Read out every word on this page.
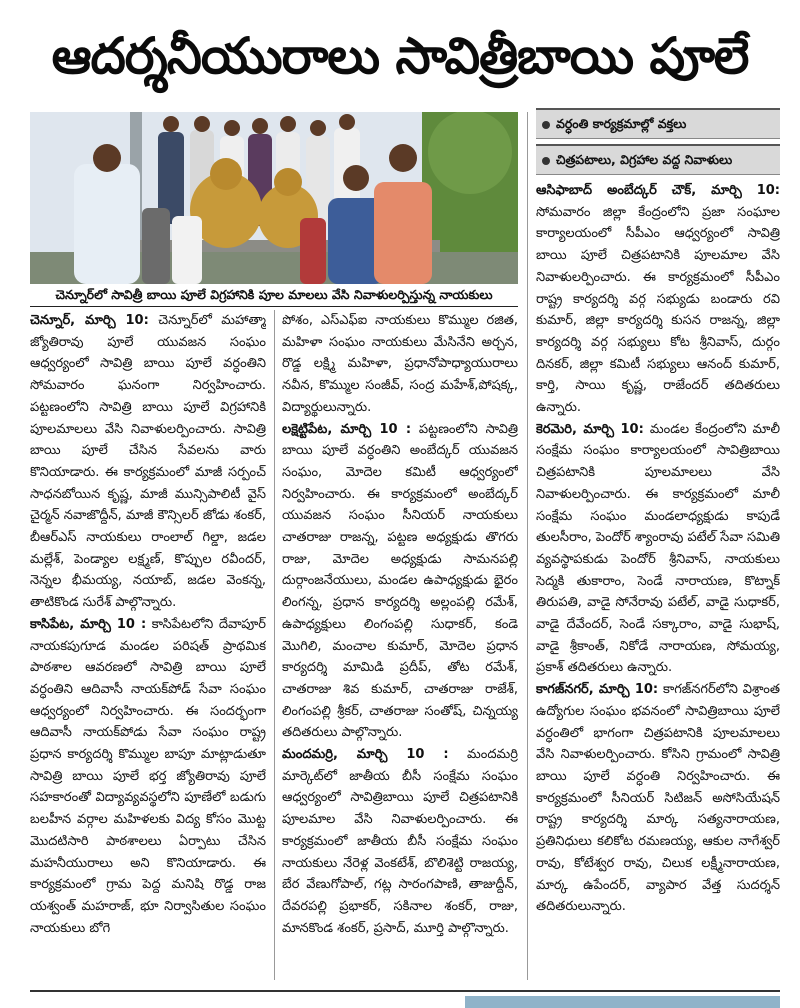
ఆదర్శనీయురాలు సావిత్రీబాయి పూలే
చెన్నూర్‌లో సావిత్రీ బాయి పూలే విగ్రహానికి పూల మాలలు వేసి నివాళులర్పిస్తున్న నాయకులు
వర్ధంతి కార్యక్రమాల్లో వక్తలు
చిత్రపటాలు, విగ్రహాల వద్ద నివాళులు

చెన్నూర్, మార్చి 10: చెన్నూర్‌లో మహాత్మా జ్యోతిరావు పూలే యువజన సంఘం ఆధ్వర్యంలో సావిత్రి బాయి పూలే వర్ధంతిని సోమవారం ఘనంగా నిర్వహించారు. పట్టణంలోని సావిత్రి బాయి పూలే విగ్రహానికి పూలమాలలు వేసి నివాళులర్పించారు. సావిత్రి బాయి పూలే చేసిన సేవలను వారు కొనియాడారు. ఈ కార్యక్రమంలో మాజీ సర్పంచ్ సాధనబోయిన కృష్ణ, మాజీ మున్సిపాలిటీ వైస్ చైర్మన్ నవాజొద్దీన్, మాజీ కౌన్సిలర్ జోడు శంకర్, బీఆర్ఎస్ నాయకులు రాంలాల్ గిల్డా, జడల మల్లేశ్, పెండ్యాల లక్ష్మణ్, కొప్పుల రవీందర్, నెన్నల భీమయ్య, నయాబ్, జడల వెంకన్న, తాటికొండ సురేశ్ పాల్గొన్నారు.

కాసిపేట, మార్చి 10 : కాసిపేటలోని దేవాపూర్ నాయకపుగూడ మండల పరిషత్ ప్రాథమిక పాఠశాల ఆవరణలో సావిత్రి బాయి పూలే వర్ధంతిని ఆదివాసీ నాయక్‌పోడ్ సేవా సంఘం ఆధ్వర్యంలో నిర్వహించారు. ఈ సందర్భంగా ఆదివాసీ నాయక్‌పోడు సేవా సంఘం రాష్ట్ర ప్రధాన కార్యదర్శి కొమ్ముల బాపూ మాట్లాడుతూ సావిత్రి బాయి పూలే భర్త జ్యోతిరావు పూలే సహకారంతో విద్యావ్యవస్థలోని పూణేలో బడుగు బలహీన వర్గాల మహిళలకు విద్య కోసం మొట్ట మొదటిసారి పాఠశాలలు ఏర్పాటు చేసిన మహనీయురాలు అని కొనియాడారు. ఈ కార్యక్రమంలో గ్రామ పెద్ద మనిషి రొడ్డ రాజ యశ్వంత్ మహరాజ్, భూ నిర్వాసితుల సంఘం నాయకులు బోగె

పోశం, ఎస్ఎఫ్ఐ నాయకులు కొమ్ముల రజిత, మహిళా సంఘం నాయకులు మేసినేని అర్చన, రొడ్డ లక్ష్మి మహిళా, ప్రధానోపాధ్యాయురాలు నవీన, కొమ్ముల సంజీవ్, సంద్ర మహేశ్,పోషక్క, విద్యార్థులున్నారు.

లక్షెట్టిపేట, మార్చి 10 : పట్టణంలోని సావిత్రి బాయి పూలే వర్ధంతిని అంబేద్కర్ యువజన సంఘం, మోదెల కమిటీ ఆధ్వర్యంలో నిర్వహించారు. ఈ కార్యక్రమంలో అంబేద్కర్ యువజన సంఘం సీనియర్ నాయకులు చాతరాజు రాజన్న, పట్టణ అధ్యక్షుడు తొగరు రాజు, మోదెల అధ్యక్షుడు సామనపల్లి దుర్గాంజనేయులు, మండల ఉపాధ్యక్షుడు భైరం లింగన్న, ప్రధాన కార్యదర్శి అల్లంపల్లి రమేశ్, ఉపాధ్యక్షులు లింగంపల్లి సుధాకర్, కండె మొగిలి, మంచాల కుమార్, మోదెల ప్రధాన కార్యదర్శి మామిడి ప్రదీప్, తోట రమేశ్, చాతరాజు శివ కుమార్, చాతరాజు రాజేశ్, లింగంపల్లి శ్రీకర్, చాతరాజు సంతోష్, చిన్నయ్య తదితరులు పాల్గొన్నారు.

మందమర్రి, మార్చి 10 : మందమర్రి మార్కెట్‌లో జాతీయ బీసీ సంక్షేమ సంఘం ఆధ్వర్యంలో సావిత్రిబాయి పూలే చిత్రపటానికి పూలమాల వేసి నివాళులర్పించారు. ఈ కార్యక్రమంలో జాతీయ బీసీ సంక్షేమ సంఘం నాయకులు నేరెళ్ల వెంకటేశ్, బొలిశెట్టి రాజయ్య, బేర వేణుగోపాల్, గట్ల సారంగపాణి, తాజుద్దీన్, దేవరపల్లి ప్రభాకర్, సకినాల శంకర్, రాజు, మానకొండ శంకర్, ప్రసాద్, మూర్తి పాల్గొన్నారు.

ఆసిఫాబాద్ అంబేద్కర్ చౌక్, మార్చి 10: సోమవారం జిల్లా కేంద్రంలోని ప్రజా సంఘాల కార్యాలయంలో సీపీఎం ఆధ్వర్యంలో సావిత్రి బాయి పూలే చిత్రపటానికి పూలమాల వేసి నివాళులర్పించారు. ఈ కార్యక్రమంలో సీపీఎం రాష్ట్ర కార్యదర్శి వర్గ సభ్యుడు బండారు రవి కుమార్, జిల్లా కార్యదర్శి కుసన రాజన్న, జిల్లా కార్యదర్శి వర్గ సభ్యులు కోట శ్రీనివాస్, దుర్గం దినకర్, జిల్లా కమిటీ సభ్యులు ఆనంద్ కుమార్, కార్తి, సాయి కృష్ణ, రాజేందర్ తదితరులు ఉన్నారు.

కెరమెరి, మార్చి 10: మండల కేంద్రంలోని మాలీ సంక్షేమ సంఘం కార్యాలయంలో సావిత్రిబాయి చిత్రపటానికి పూలమాలలు వేసి నివాళులర్పించారు. ఈ కార్యక్రమంలో మాలీ సంక్షేమ సంఘం మండలాధ్యక్షుడు కాపుడే తులసీరాం, పెందోర్ శ్యాంరావు పటేల్ సేవా సమితి వ్యవస్థాపకుడు పెందోర్ శ్రీనివాస్, నాయకులు సెద్మకి తుకారాం, సెండే నారాయణ, కొట్నాక్ తిరుపతి, వాడై సోనేరావు పటేల్, వాడై సుధాకర్, వాడై దేవేందర్, సెండే సక్కారాం, వాడై సుభాష్, వాడై శ్రీకాంత్, నికోడే నారాయణ, సోమయ్య, ప్రకాశ్ తదితరులు ఉన్నారు.

కాగజ్‌నగర్, మార్చి 10: కాగజ్‌నగర్‌లోని విశ్రాంత ఉద్యోగుల సంఘం భవనంలో సావిత్రిబాయి పూలే వర్ధంతిలో భాగంగా చిత్రపటానికి పూలమాలలు వేసి నివాళులర్పించారు. కోసిని గ్రామంలో సావిత్రి బాయి పూలే వర్ధంతి నిర్వహించారు. ఈ కార్యక్రమంలో సీనియర్ సిటిజన్ అసోసియేషన్ రాష్ట్ర కార్యదర్శి మార్క సత్యనారాయణ, ప్రతినిధులు కలికోట రమణయ్య, ఆకుల నాగేశ్వర్ రావు, కోటేశ్వర రావు, చిలుక లక్ష్మీనారాయణ, మార్క ఉపేందర్, వ్యాపార వేత్త సుదర్శన్ తదితరులున్నారు.
